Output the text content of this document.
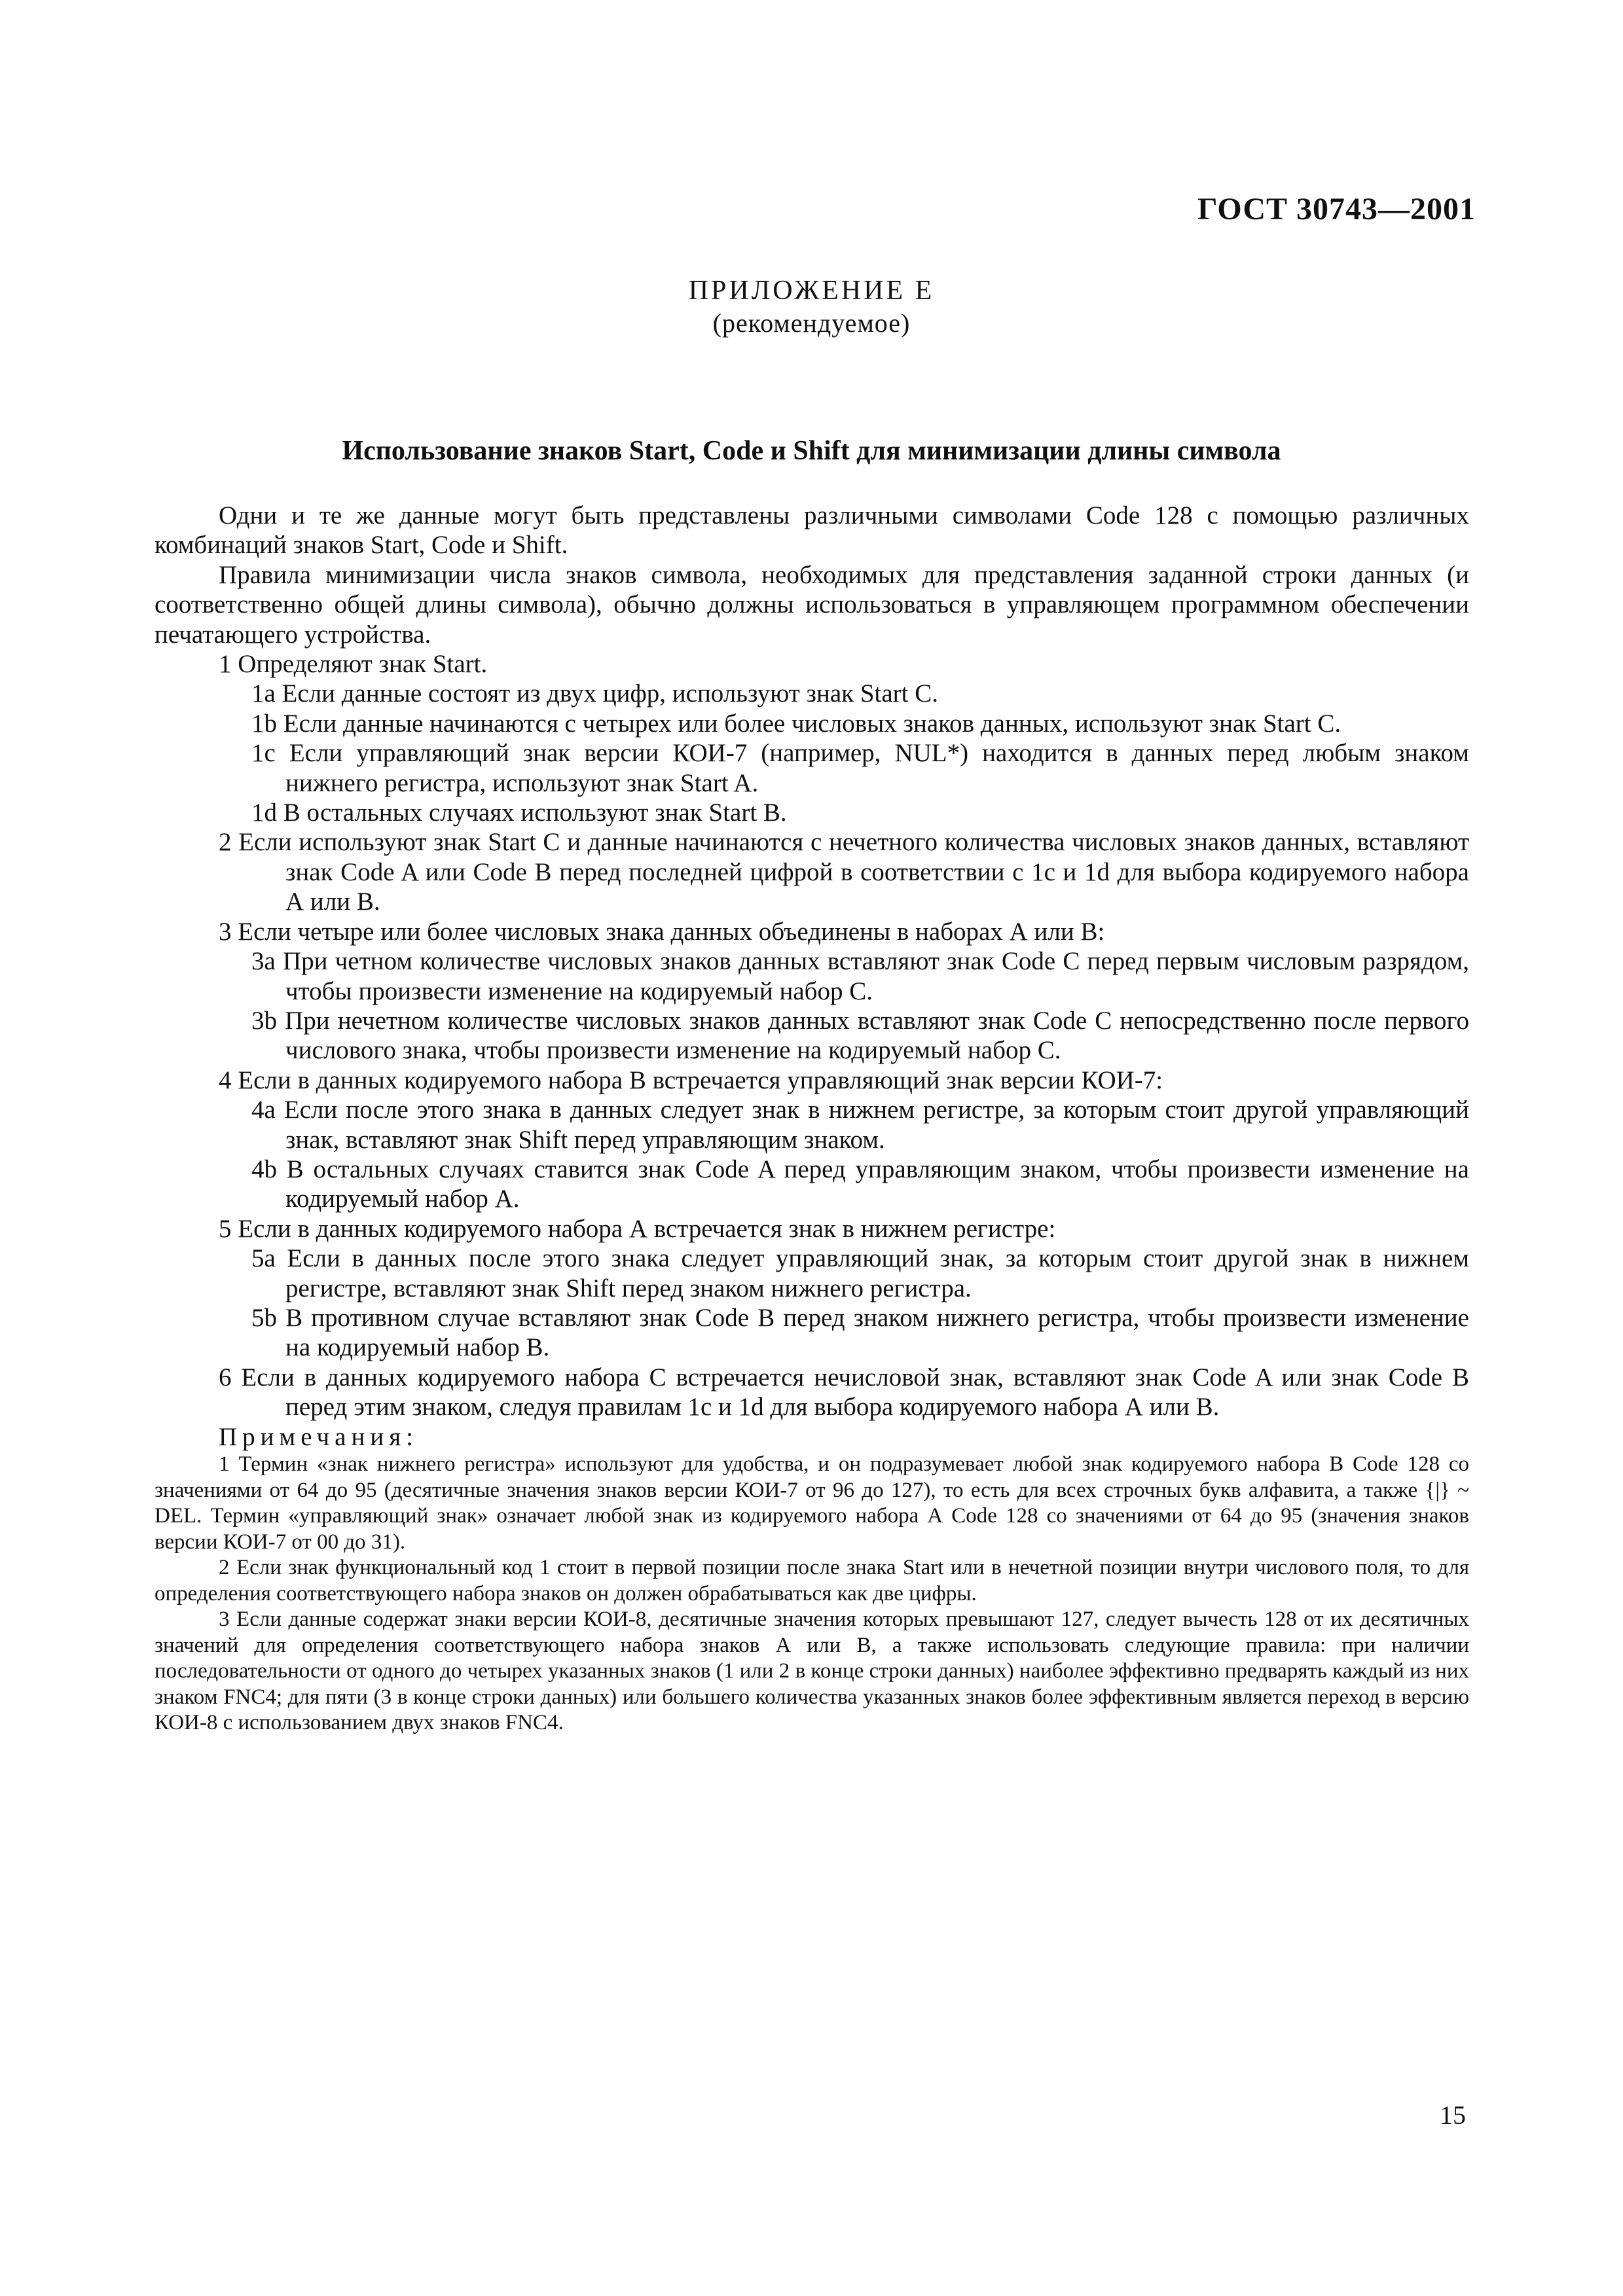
ГОСТ 30743—2001
ПРИЛОЖЕНИЕ Е
(рекомендуемое)
Использование знаков Start, Code и Shift для минимизации длины символа

Одни и те же данные могут быть представлены различными символами Code 128 с помощью различных комбинаций знаков Start, Code и Shift.

Правила минимизации числа знаков символа, необходимых для представления заданной строки данных (и соответственно общей длины символа), обычно должны использоваться в управляющем программном обеспечении печатающего устройства.

1 Определяют знак Start.

1a Если данные состоят из двух цифр, используют знак Start C.

1b Если данные начинаются с четырех или более числовых знаков данных, используют знак Start C.

1c Если управляющий знак версии КОИ-7 (например, NUL*) находится в данных перед любым знаком нижнего регистра, используют знак Start A.

1d В остальных случаях используют знак Start B.

2 Если используют знак Start C и данные начинаются с нечетного количества числовых знаков данных, вставляют знак Code A или Code B перед последней цифрой в соответствии с 1c и 1d для выбора кодируемого набора А или В.

3 Если четыре или более числовых знака данных объединены в наборах А или В:

3a При четном количестве числовых знаков данных вставляют знак Code C перед первым числовым разрядом, чтобы произвести изменение на кодируемый набор С.

3b При нечетном количестве числовых знаков данных вставляют знак Code C непосредственно после первого числового знака, чтобы произвести изменение на кодируемый набор С.

4 Если в данных кодируемого набора В встречается управляющий знак версии КОИ-7:

4a Если после этого знака в данных следует знак в нижнем регистре, за которым стоит другой управляющий знак, вставляют знак Shift перед управляющим знаком.

4b В остальных случаях ставится знак Code A перед управляющим знаком, чтобы произвести изменение на кодируемый набор А.

5 Если в данных кодируемого набора А встречается знак в нижнем регистре:

5a Если в данных после этого знака следует управляющий знак, за которым стоит другой знак в нижнем регистре, вставляют знак Shift перед знаком нижнего регистра.

5b В противном случае вставляют знак Code B перед знаком нижнего регистра, чтобы произвести изменение на кодируемый набор В.

6 Если в данных кодируемого набора С встречается нечисловой знак, вставляют знак Code A или знак Code B перед этим знаком, следуя правилам 1c и 1d для выбора кодируемого набора А или В.

Примечания:

1 Термин «знак нижнего регистра» используют для удобства, и он подразумевает любой знак кодируемого набора В Code 128 со значениями от 64 до 95 (десятичные значения знаков версии КОИ-7 от 96 до 127), то есть для всех строчных букв алфавита, а также {|} ~ DEL. Термин «управляющий знак» означает любой знак из кодируемого набора А Code 128 со значениями от 64 до 95 (значения знаков версии КОИ-7 от 00 до 31).

2 Если знак функциональный код 1 стоит в первой позиции после знака Start или в нечетной позиции внутри числового поля, то для определения соответствующего набора знаков он должен обрабатываться как две цифры.

3 Если данные содержат знаки версии КОИ-8, десятичные значения которых превышают 127, следует вычесть 128 от их десятичных значений для определения соответствующего набора знаков А или В, а также использовать следующие правила: при наличии последовательности от одного до четырех указанных знаков (1 или 2 в конце строки данных) наиболее эффективно предварять каждый из них знаком FNC4; для пяти (3 в конце строки данных) или большего количества указанных знаков более эффективным является переход в версию КОИ-8 с использованием двух знаков FNC4.

15
